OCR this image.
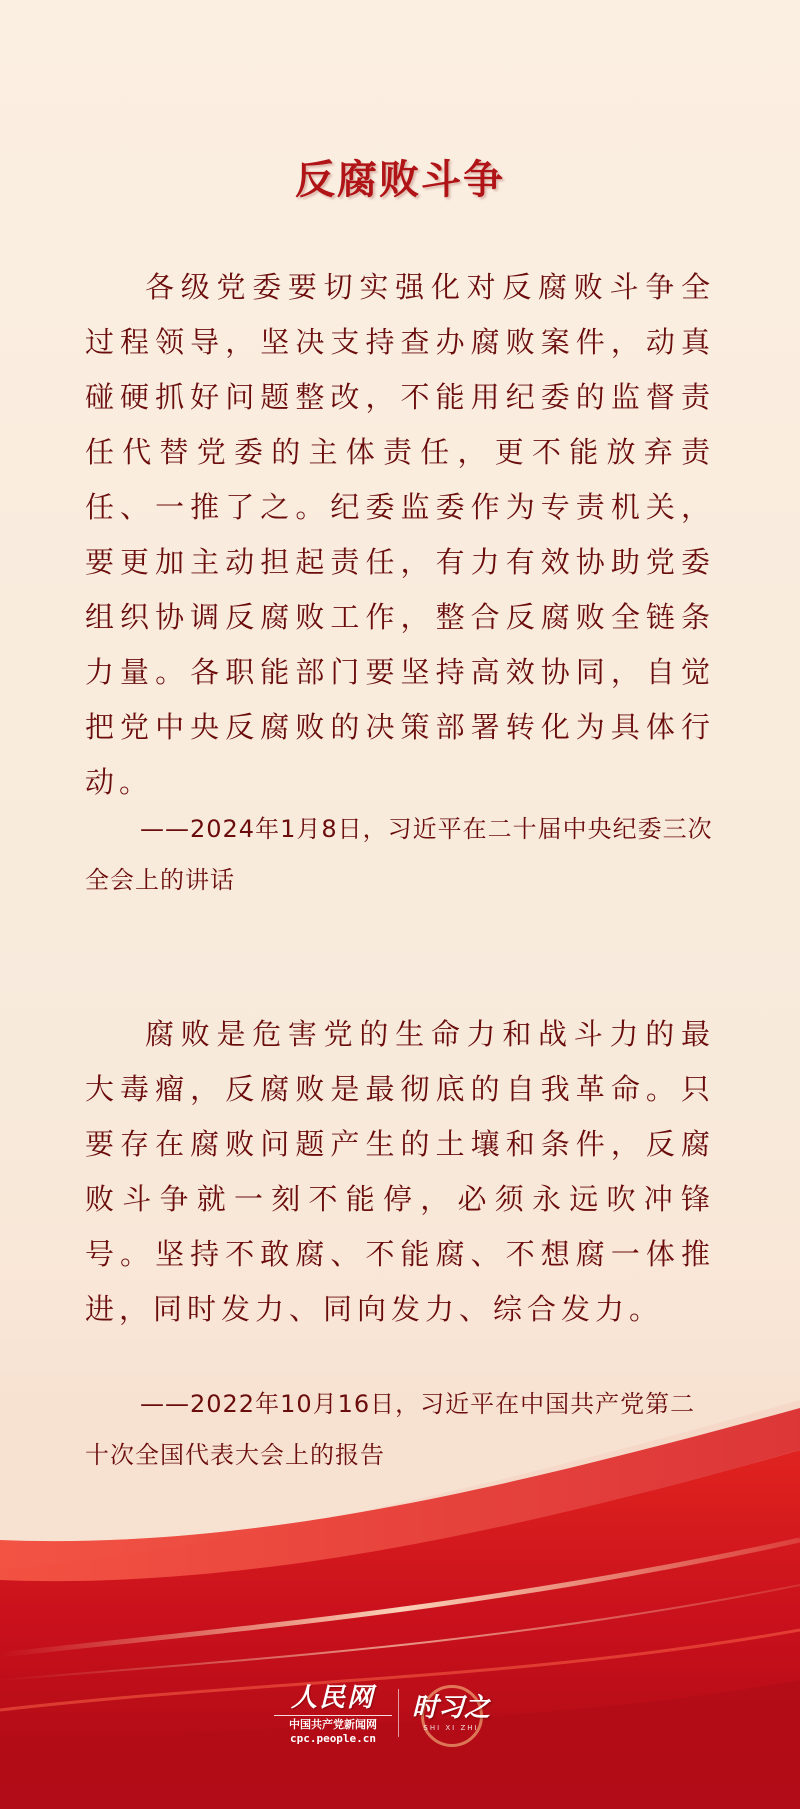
反腐败斗争

各级党委要切实强化对反腐败斗争全过程领导，坚决支持查办腐败案件，动真碰硬抓好问题整改，不能用纪委的监督责任代替党委的主体责任，更不能放弃责任、一推了之。纪委监委作为专责机关，要更加主动担起责任，有力有效协助党委组织协调反腐败工作，整合反腐败全链条力量。各职能部门要坚持高效协同，自觉把党中央反腐败的决策部署转化为具体行动。

——2024年1月8日，习近平在二十届中央纪委三次全会上的讲话

腐败是危害党的生命力和战斗力的最大毒瘤，反腐败是最彻底的自我革命。只要存在腐败问题产生的土壤和条件，反腐败斗争就一刻不能停，必须永远吹冲锋号。坚持不敢腐、不能腐、不想腐一体推进，同时发力、同向发力、综合发力。

——2022年10月16日，习近平在中国共产党第二十次全国代表大会上的报告

人民网
中国共产党新闻网
cpc.people.cn
时习之
SHI XI ZHI
